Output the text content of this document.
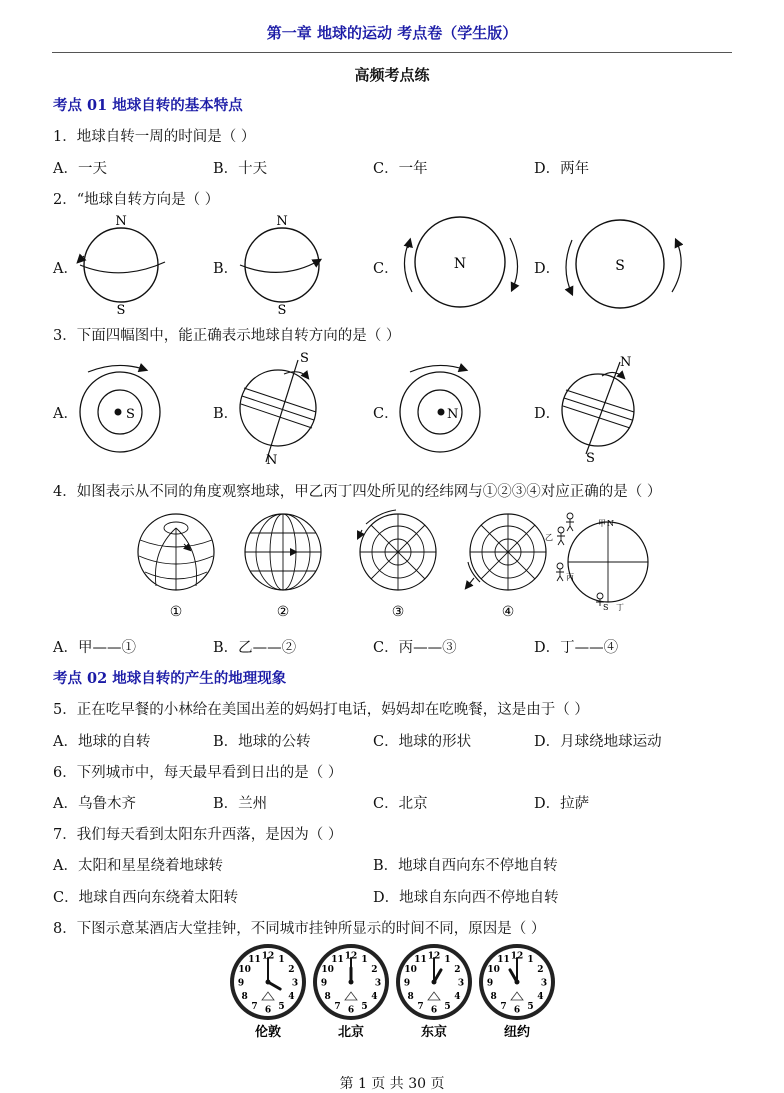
第一章 地球的运动 考点卷（学生版）
高频考点练
考点 01 地球自转的基本特点
1．地球自转一周的时间是（ ）
A．一天	B．十天	C．一年	D．两年
2．“地球自转方向是（ ）
A．	B．	C．	D．
N
S
N
S
N	S
3．下面四幅图中，能正确表示地球自转方向的是（ ）
A．	B．	C．	D．
S
S
N
N
N
S
4．如图表示从不同的角度观察地球，甲乙丙丁四处所见的经纬网与①②③④对应正确的是（ ）
①	②	③	④
甲 N
乙
丙
S 丁
A．甲——①	B．乙——②	C．丙——③	D．丁——④
考点 02 地球自转的产生的地理现象
5．正在吃早餐的小林给在美国出差的妈妈打电话，妈妈却在吃晚餐，这是由于（ ）
A．地球的自转	B．地球的公转	C．地球的形状	D．月球绕地球运动
6．下列城市中，每天最早看到日出的是（ ）
A．乌鲁木齐	B．兰州	C．北京	D．拉萨
7．我们每天看到太阳东升西落，是因为（ ）
A．太阳和星星绕着地球转	B．地球自西向东不停地自转
C．地球自西向东绕着太阳转	D．地球自东向西不停地自转
8．下图示意某酒店大堂挂钟，不同城市挂钟所显示的时间不同，原因是（ ）
1
2
3
4
5
6
7
8
9
10
11 12
伦敦
1
2
3
4
5
6
7
8
9
10
11 12
北京
1
2
3
4
5
6
7
8
9
10
11 12
东京
1
2
3
4
5
6
7
8
9
10
11 12
纽约
第 1 页 共 30 页
